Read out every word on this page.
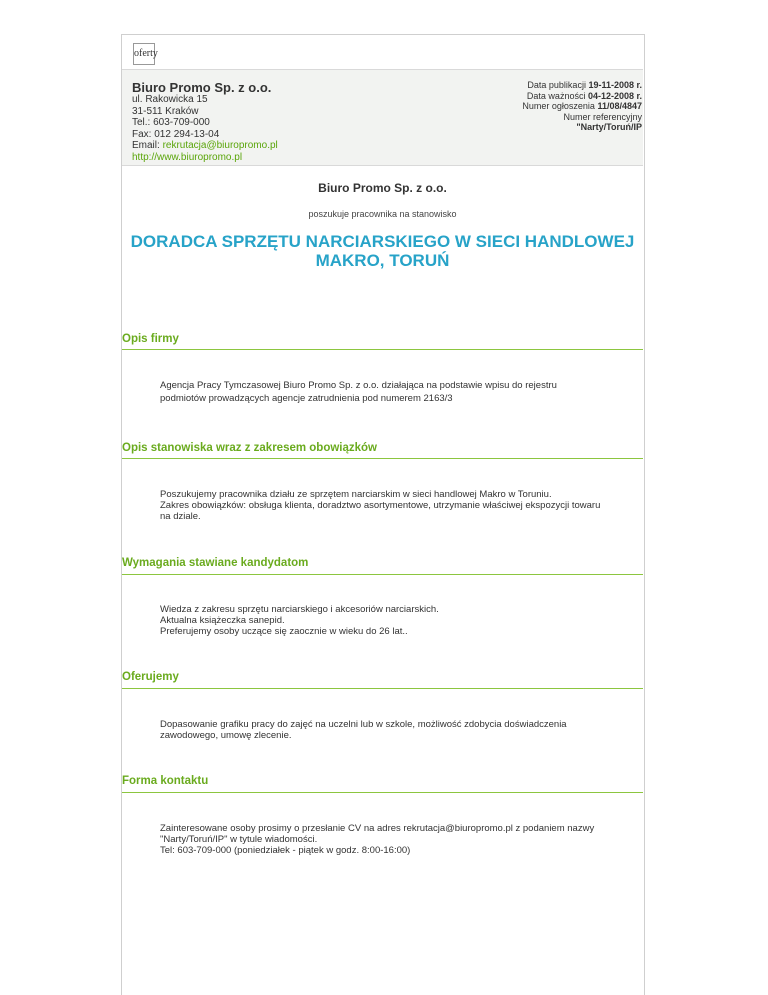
oferty
Biuro Promo Sp. z o.o.
ul. Rakowicka 15
31-511 Kraków
Tel.: 603-709-000
Fax: 012 294-13-04
Email: rekrutacja@biuropromo.pl
http://www.biuropromo.pl
Data publikacji 19-11-2008 r.
Data ważności 04-12-2008 r.
Numer ogłoszenia 11/08/4847
Numer referencyjny
"Narty/Toruń/IP
Biuro Promo Sp. z o.o.
poszukuje pracownika na stanowisko
DORADCA SPRZĘTU NARCIARSKIEGO W SIECI HANDLOWEJ
MAKRO, TORUŃ
Opis firmy
Agencja Pracy Tymczasowej Biuro Promo Sp. z o.o. działająca na podstawie wpisu do rejestru
podmiotów prowadzących agencje zatrudnienia pod numerem 2163/3
Opis stanowiska wraz z zakresem obowiązków
Poszukujemy pracownika działu ze sprzętem narciarskim w sieci handlowej Makro w Toruniu.
Zakres obowiązków: obsługa klienta, doradztwo asortymentowe, utrzymanie właściwej ekspozycji towaru
na dziale.
Wymagania stawiane kandydatom
Wiedza z zakresu sprzętu narciarskiego i akcesoriów narciarskich.
Aktualna książeczka sanepid.
Preferujemy osoby uczące się zaocznie w wieku do 26 lat..
Oferujemy
Dopasowanie grafiku pracy do zajęć na uczelni lub w szkole, możliwość zdobycia doświadczenia
zawodowego, umowę zlecenie.
Forma kontaktu
Zainteresowane osoby prosimy o przesłanie CV na adres rekrutacja@biuropromo.pl z podaniem nazwy
"Narty/Toruń/IP" w tytule wiadomości.
Tel: 603-709-000 (poniedziałek - piątek w godz. 8:00-16:00)
